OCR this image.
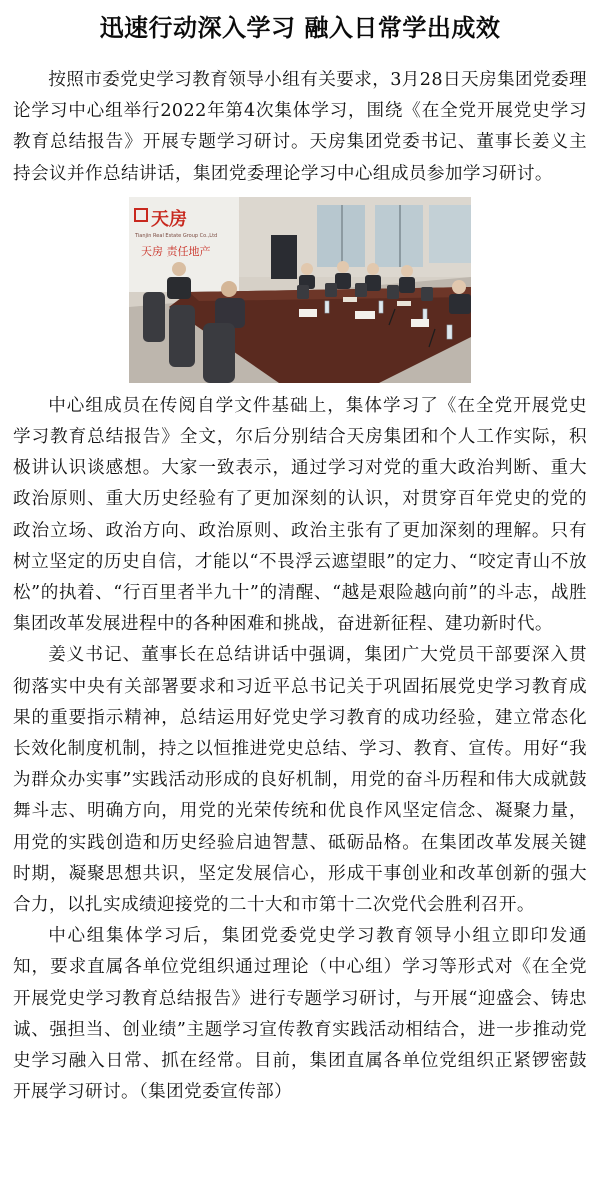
迅速行动深入学习 融入日常学出成效

按照市委党史学习教育领导小组有关要求，3月28日天房集团党委理论学习中心组举行2022年第4次集体学习，围绕《在全党开展党史学习教育总结报告》开展专题学习研讨。天房集团党委书记、董事长姜义主持会议并作总结讲话，集团党委理论学习中心组成员参加学习研讨。

天房
Tianjin Real Estate Group Co.,Ltd
天房 责任地产

中心组成员在传阅自学文件基础上，集体学习了《在全党开展党史学习教育总结报告》全文，尔后分别结合天房集团和个人工作实际，积极讲认识谈感想。大家一致表示，通过学习对党的重大政治判断、重大政治原则、重大历史经验有了更加深刻的认识，对贯穿百年党史的党的政治立场、政治方向、政治原则、政治主张有了更加深刻的理解。只有树立坚定的历史自信，才能以“不畏浮云遮望眼”的定力、“咬定青山不放松”的执着、“行百里者半九十”的清醒、“越是艰险越向前”的斗志，战胜集团改革发展进程中的各种困难和挑战，奋进新征程、建功新时代。

姜义书记、董事长在总结讲话中强调，集团广大党员干部要深入贯彻落实中央有关部署要求和习近平总书记关于巩固拓展党史学习教育成果的重要指示精神，总结运用好党史学习教育的成功经验，建立常态化长效化制度机制，持之以恒推进党史总结、学习、教育、宣传。用好“我为群众办实事”实践活动形成的良好机制，用党的奋斗历程和伟大成就鼓舞斗志、明确方向，用党的光荣传统和优良作风坚定信念、凝聚力量，用党的实践创造和历史经验启迪智慧、砥砺品格。在集团改革发展关键时期，凝聚思想共识，坚定发展信心，形成干事创业和改革创新的强大合力，以扎实成绩迎接党的二十大和市第十二次党代会胜利召开。

中心组集体学习后，集团党委党史学习教育领导小组立即印发通知，要求直属各单位党组织通过理论（中心组）学习等形式对《在全党开展党史学习教育总结报告》进行专题学习研讨，与开展“迎盛会、铸忠诚、强担当、创业绩”主题学习宣传教育实践活动相结合，进一步推动党史学习融入日常、抓在经常。目前，集团直属各单位党组织正紧锣密鼓开展学习研讨。（集团党委宣传部）
